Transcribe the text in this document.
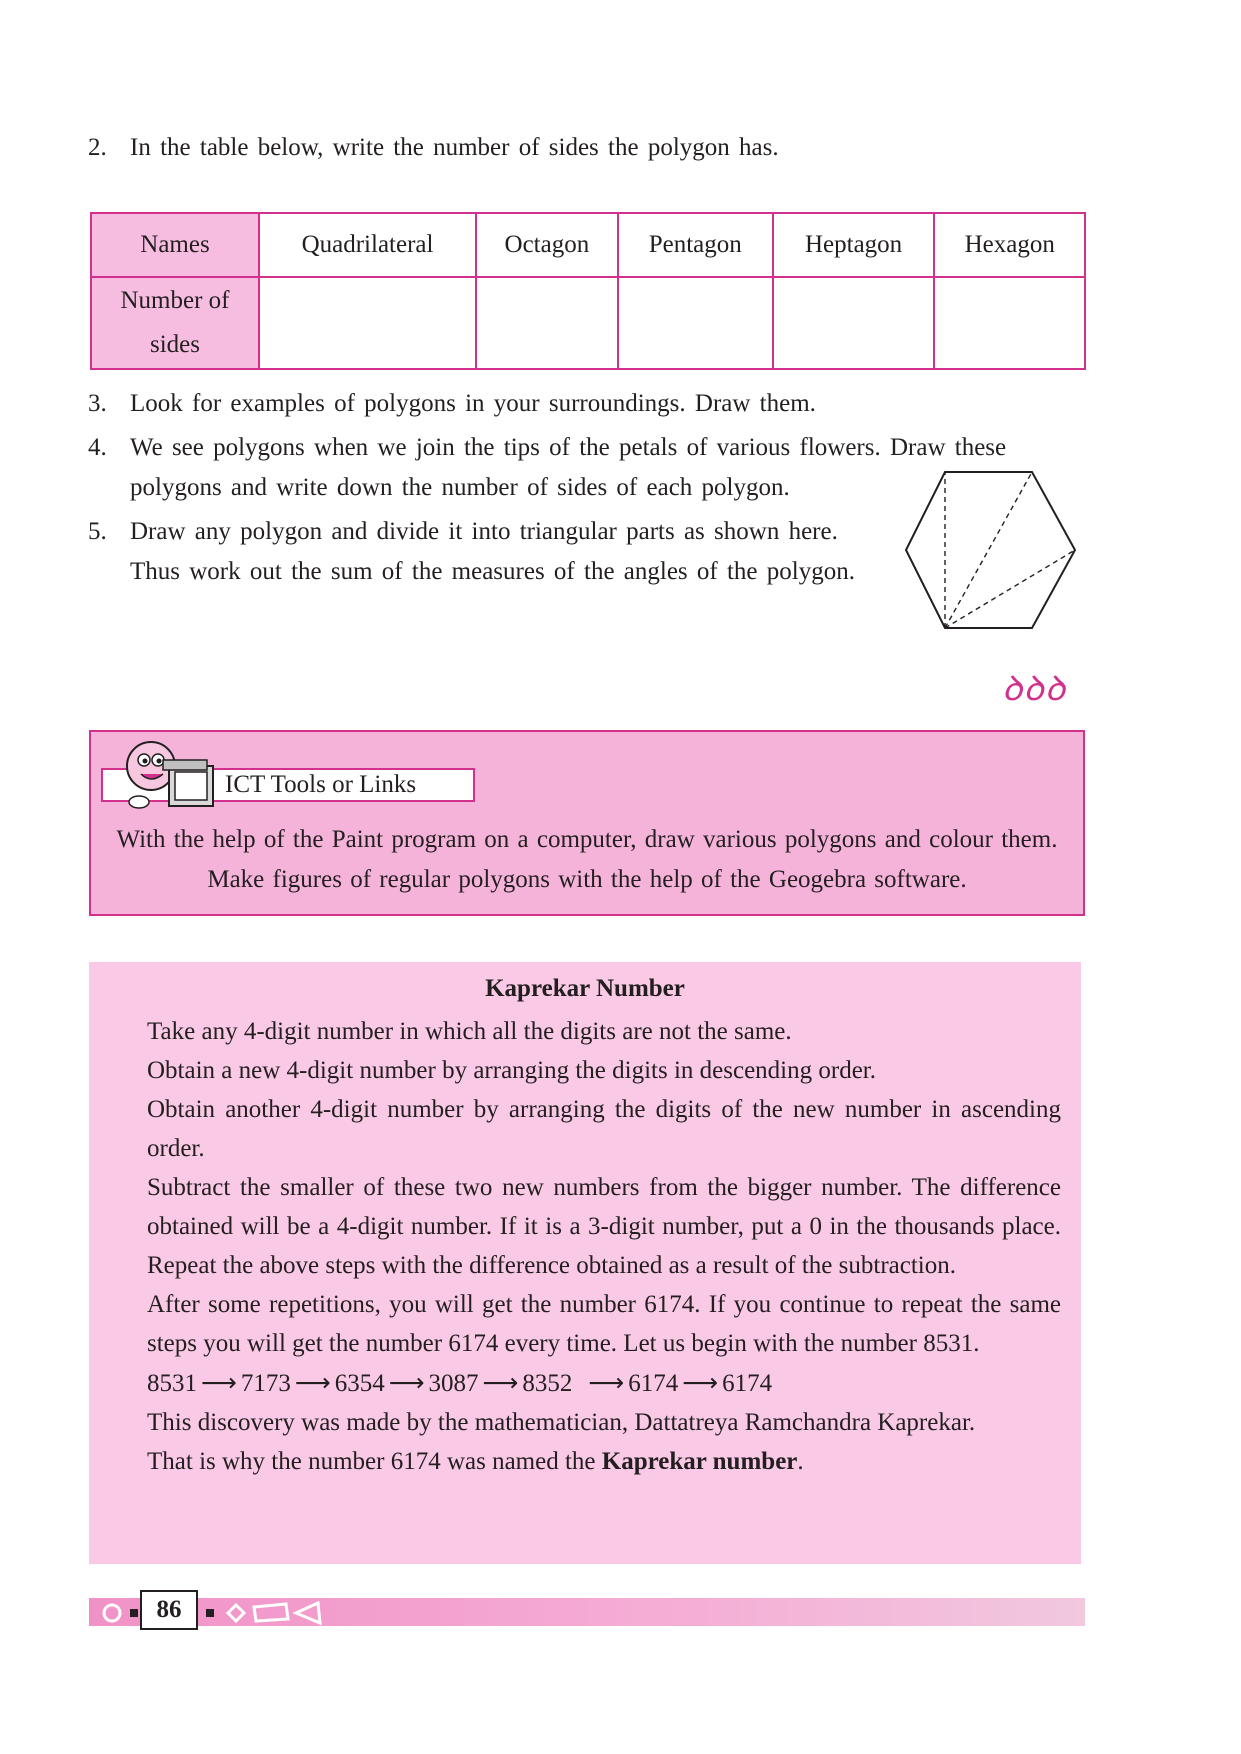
2. In the table below, write the number of sides the polygon has.
Names	Quadrilateral	Octagon	Pentagon	Heptagon	Hexagon
Number of
sides					
3. Look for examples of polygons in your surroundings. Draw them.
4. We see polygons when we join the tips of the petals of various flowers. Draw these
polygons and write down the number of sides of each polygon.
5. Draw any polygon and divide it into triangular parts as shown here.
Thus work out the sum of the measures of the angles of the polygon.
ꝺꝺꝺ
ICT Tools or Links
With the help of the Paint program on a computer, draw various polygons and colour them. Make figures of regular polygons with the help of the Geogebra software.
Kaprekar Number

Take any 4-digit number in which all the digits are not the same.

Obtain a new 4-digit number by arranging the digits in descending order.

Obtain another 4-digit number by arranging the digits of the new number in ascending order.

Subtract the smaller of these two new numbers from the bigger number. The difference obtained will be a 4-digit number. If it is a 3-digit number, put a 0 in the thousands place. Repeat the above steps with the difference obtained as a result of the subtraction.

After some repetitions, you will get the number 6174. If you continue to repeat the same steps you will get the number 6174 every time. Let us begin with the number 8531.

8531 ⟶ 7173 ⟶ 6354 ⟶ 3087 ⟶ 8352 ⟶ 6174 ⟶ 6174

This discovery was made by the mathematician, Dattatreya Ramchandra Kaprekar.

That is why the number 6174 was named the Kaprekar number.

86
